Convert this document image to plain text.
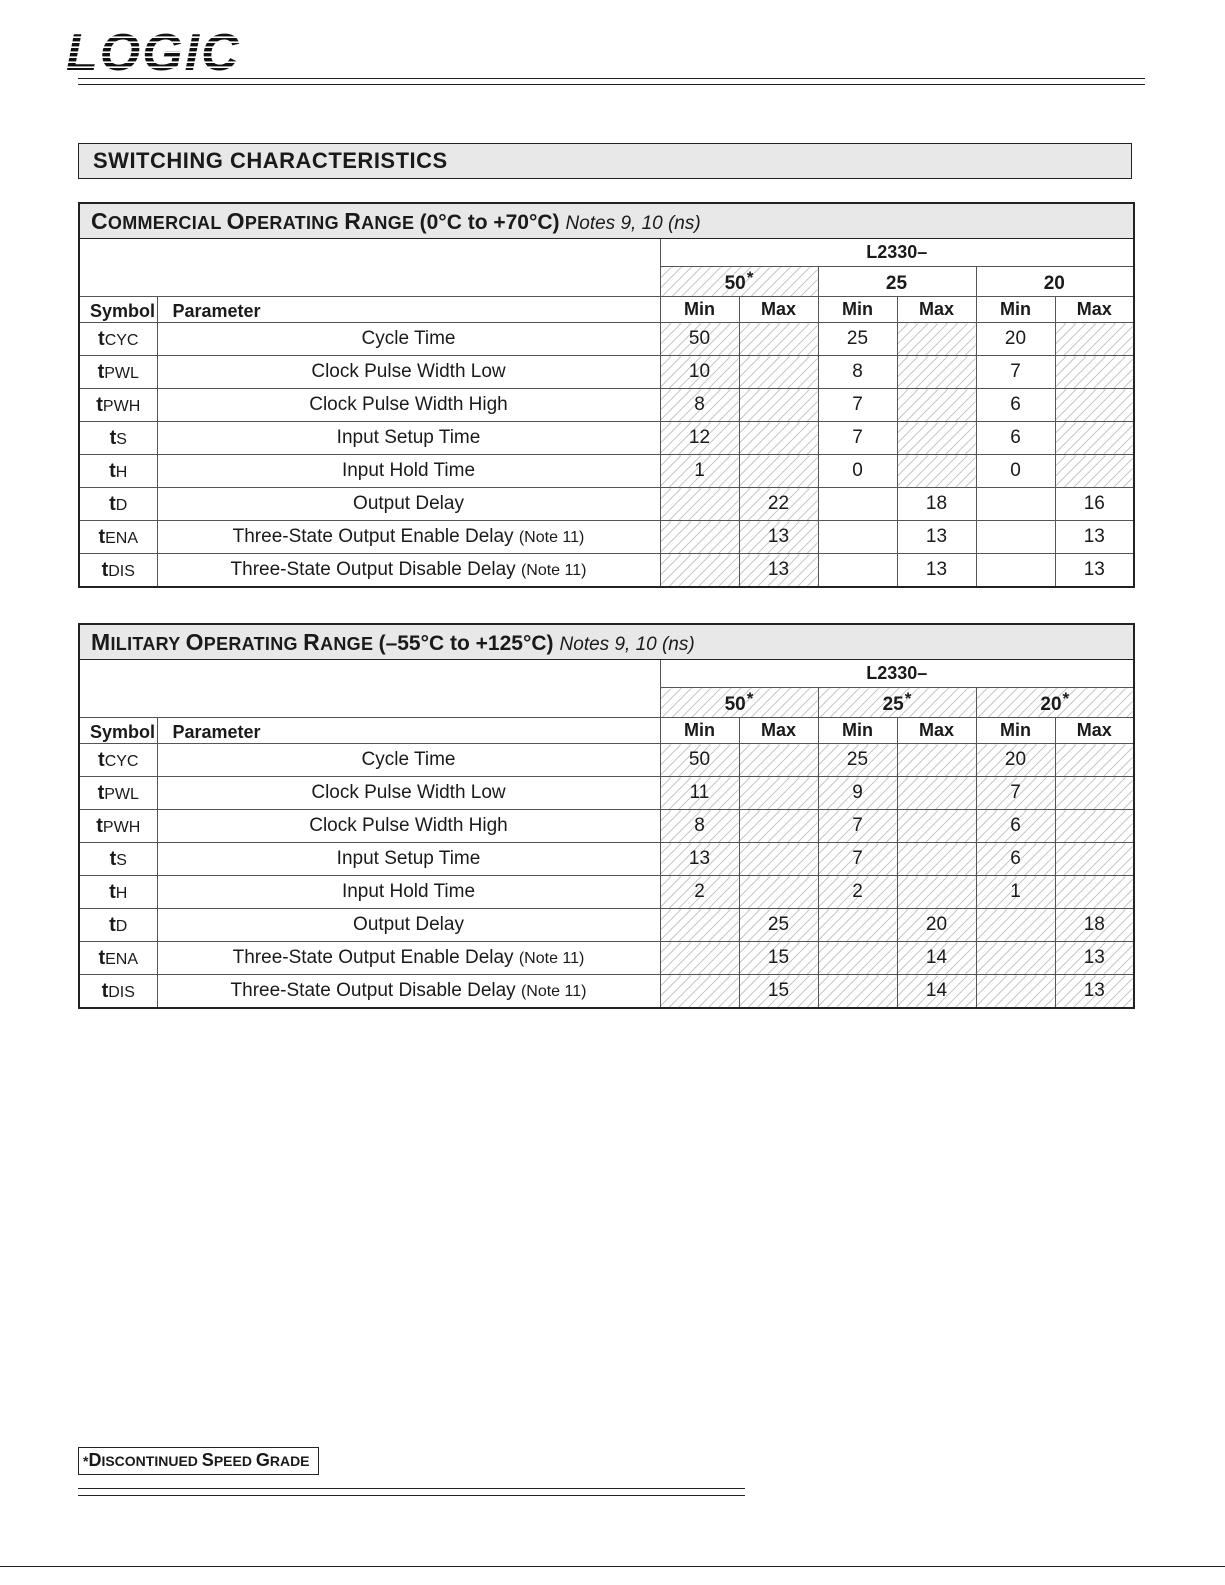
LOGIC
SWITCHING CHARACTERISTICS
COMMERCIAL OPERATING RANGE (0°C to +70°C) Notes 9, 10 (ns)							
		L2330–					
		50*		25		20	
Symbol	Parameter	Min	Max	Min	Max	Min	Max
tCYC	Cycle Time	50		25		20	
tPWL	Clock Pulse Width Low	10		8		7	
tPWH	Clock Pulse Width High	8		7		6	
tS	Input Setup Time	12		7		6	
tH	Input Hold Time	1		0		0	
tD	Output Delay		22		18		16
tENA	Three-State Output Enable Delay (Note 11)		13		13		13
tDIS	Three-State Output Disable Delay (Note 11)		13		13		13
MILITARY OPERATING RANGE (–55°C to +125°C) Notes 9, 10 (ns)							
		L2330–					
		50*		25*		20*
Symbol	Parameter	Min	Max	Min	Max	Min	Max
tCYC	Cycle Time	50		25		20	
tPWL	Clock Pulse Width Low	11		9		7	
tPWH	Clock Pulse Width High	8		7		6	
tS	Input Setup Time	13		7		6	
tH	Input Hold Time	2		2		1	
tD	Output Delay		25		20		18
tENA	Three-State Output Enable Delay (Note 11)		15		14		13
tDIS	Three-State Output Disable Delay (Note 11)		15		14		13
*DISCONTINUED SPEED GRADE
